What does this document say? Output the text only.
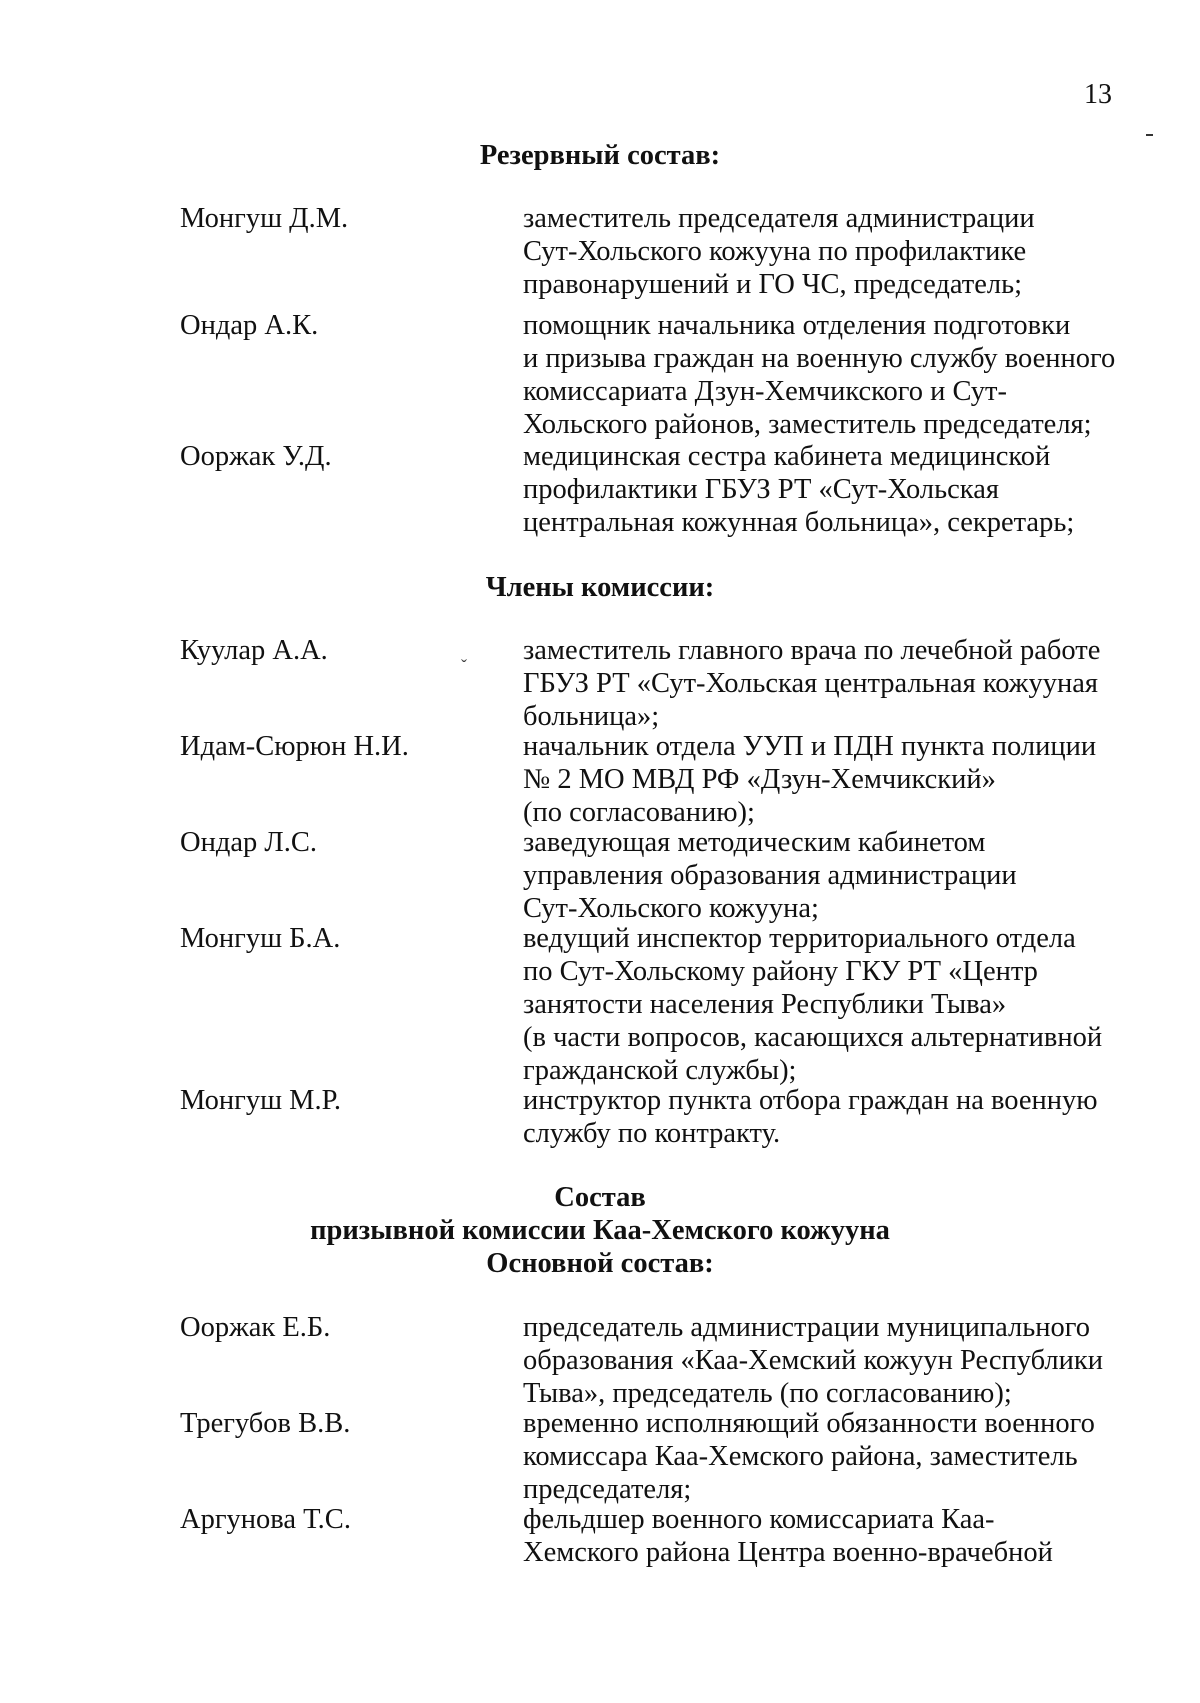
13
ˇ
Резервный состав:
Монгуш Д.М.	заместитель председателя администрации
Сут-Хольского кожууна по профилактике
правонарушений и ГО ЧС, председатель;
Ондар А.К.	помощник начальника отделения подготовки
и призыва граждан на военную службу военного
комиссариата Дзун-Хемчикского и Сут-
Хольского районов, заместитель председателя;
Ооржак У.Д.	медицинская сестра кабинета медицинской
профилактики ГБУЗ РТ «Сут-Хольская
центральная кожунная больница», секретарь;
Члены комиссии:
Куулар А.А.	заместитель главного врача по лечебной работе
ГБУЗ РТ «Сут-Хольская центральная кожууная
больница»;
Идам-Сюрюн Н.И.	начальник отдела УУП и ПДН пункта полиции
№ 2 МО МВД РФ «Дзун-Хемчикский»
(по согласованию);
Ондар Л.С.	заведующая методическим кабинетом
управления образования администрации
Сут-Хольского кожууна;
Монгуш Б.А.	ведущий инспектор территориального отдела
по Сут-Хольскому району ГКУ РТ «Центр
занятости населения Республики Тыва»
(в части вопросов, касающихся альтернативной
гражданской службы);
Монгуш М.Р.	инструктор пункта отбора граждан на военную
службу по контракту.
Состав
призывной комиссии Каа-Хемского кожууна
Основной состав:
Ооржак Е.Б.	председатель администрации муниципального
образования «Каа-Хемский кожуун Республики
Тыва», председатель (по согласованию);
Трегубов В.В.	временно исполняющий обязанности военного
комиссара Каа-Хемского района, заместитель
председателя;
Аргунова Т.С.	фельдшер военного комиссариата Каа-
Хемского района Центра военно-врачебной
